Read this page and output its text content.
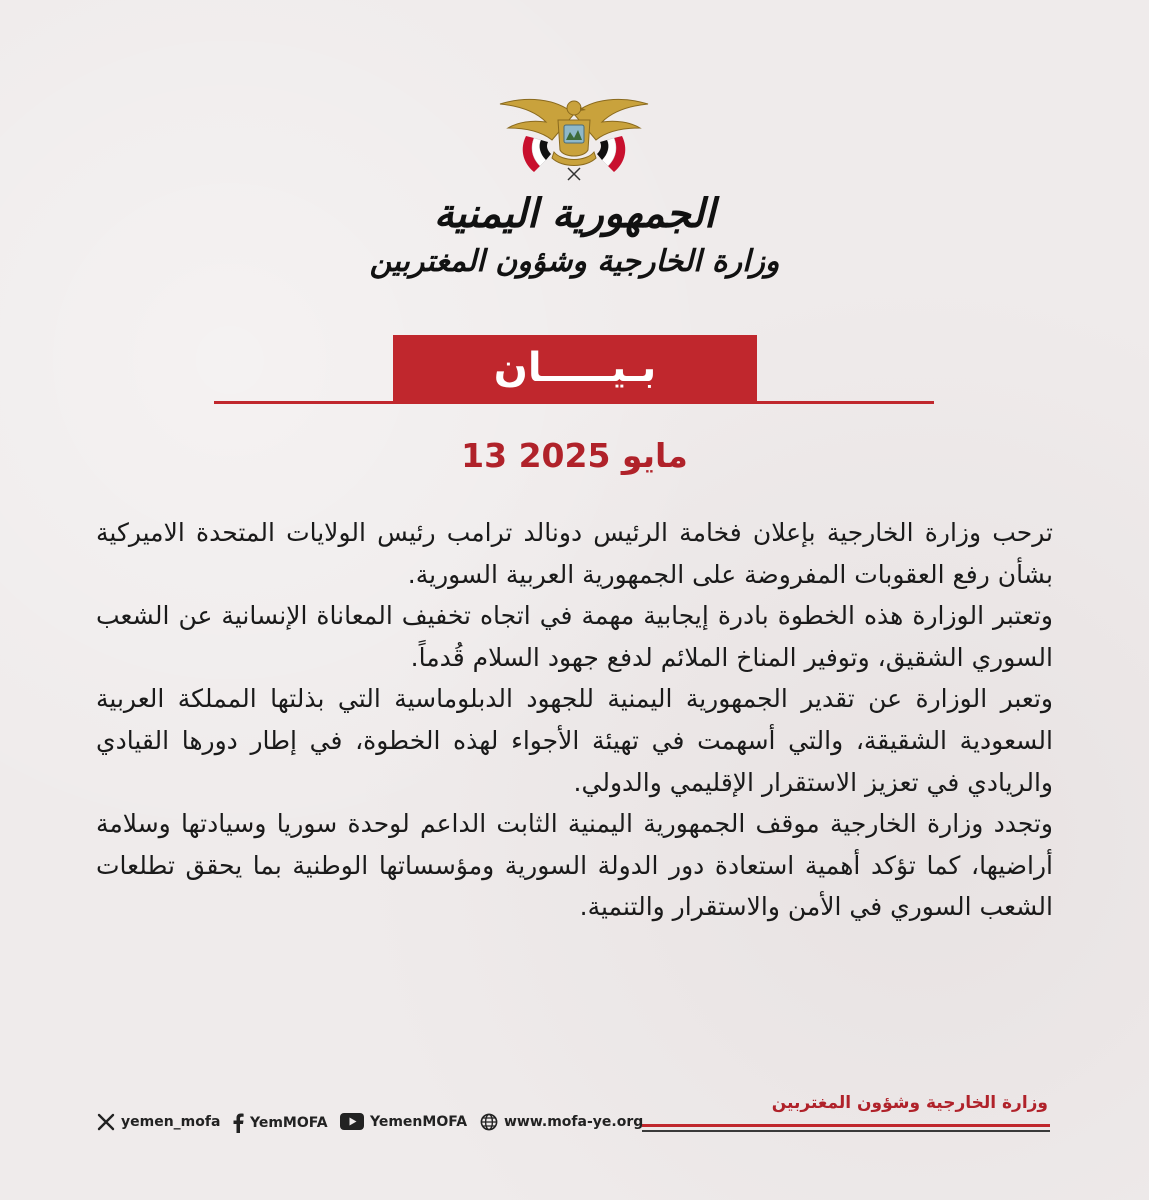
الجمهورية اليمنية
وزارة الخارجية وشؤون المغتربين
بـيـــــان
13 مايو 2025

ترحب وزارة الخارجية بإعلان فخامة الرئيس دونالد ترامب رئيس الولايات المتحدة الاميركية بشأن رفع العقوبات المفروضة على الجمهورية العربية السورية.

وتعتبر الوزارة هذه الخطوة بادرة إيجابية مهمة في اتجاه تخفيف المعاناة الإنسانية عن الشعب السوري الشقيق، وتوفير المناخ الملائم لدفع جهود السلام قُدماً.

وتعبر الوزارة عن تقدير الجمهورية اليمنية للجهود الدبلوماسية التي بذلتها المملكة العربية السعودية الشقيقة، والتي أسهمت في تهيئة الأجواء لهذه الخطوة، في إطار دورها القيادي والريادي في تعزيز الاستقرار الإقليمي والدولي.

وتجدد وزارة الخارجية موقف الجمهورية اليمنية الثابت الداعم لوحدة سوريا وسيادتها وسلامة أراضيها، كما تؤكد أهمية استعادة دور الدولة السورية ومؤسساتها الوطنية بما يحقق تطلعات الشعب السوري في الأمن والاستقرار والتنمية.

وزارة الخارجية وشؤون المغتربين
yemen_mofa YemMOFA	YemenMOFA	www.mofa-ye.org
